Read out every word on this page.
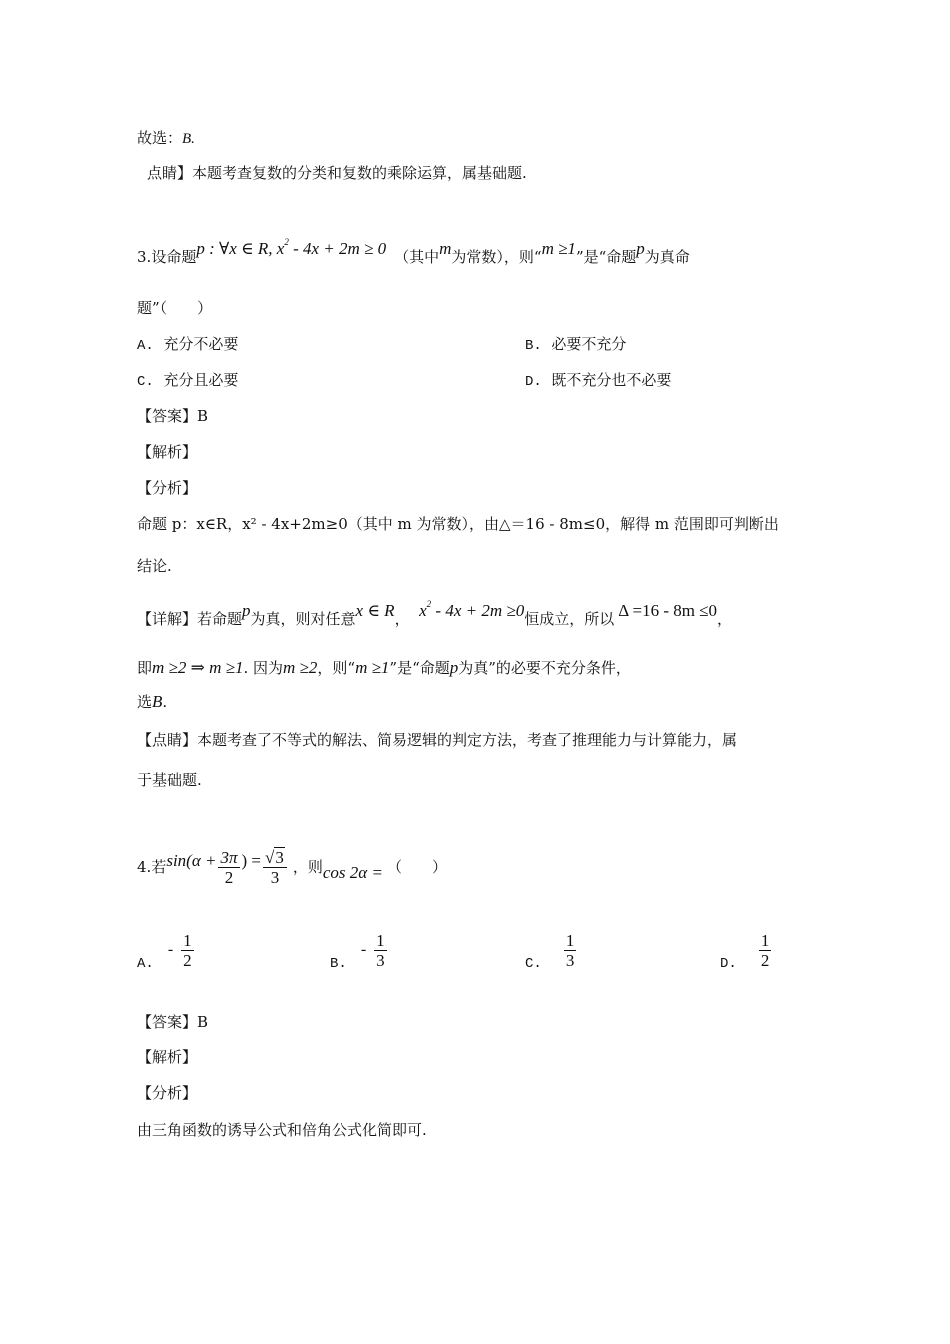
故选：B.
点睛】本题考查复数的分类和复数的乘除运算，属基础题.
3.设命题p : ∀x ∈ R, $x^2 - 4x + 2m \ge 0$ （其中m为常数），则“m ≥1”是“命题p为真命
题”（　　）
A. 充分不必要	B. 必要不充分
C. 充分且必要	D. 既不充分也不必要
【答案】B
【解析】
【分析】
命题 p：x∈R，x² - 4x+2m≥0（其中 m 为常数），由△＝16 - 8m≤0，解得 m 范围即可判断出
结论.
【详解】若命题p为真，则对任意x ∈ R， $x^2 - 4x + 2m \ge 0$恒成立，所以 Δ =16 - 8m ≤0，
即m ≥2 ⇒ m ≥1. 因为m ≥2，则“m ≥1”是“命题p为真”的必要不充分条件，
选B.
【点睛】本题考查了不等式的解法、简易逻辑的判定方法，考查了推理能力与计算能力，属
于基础题.
4. 若 $\sin(\alpha + \frac{3\pi}{2}$ ) = $\frac{√3}{3}$ ，则 cos 2α = （　　）
A.
- $\frac{1}{2}$	B.
- $\frac{1}{3}$	C. $\frac{1}{3}$	D. $\frac{1}{2}$
【答案】B
【解析】
【分析】
由三角函数的诱导公式和倍角公式化简即可.
